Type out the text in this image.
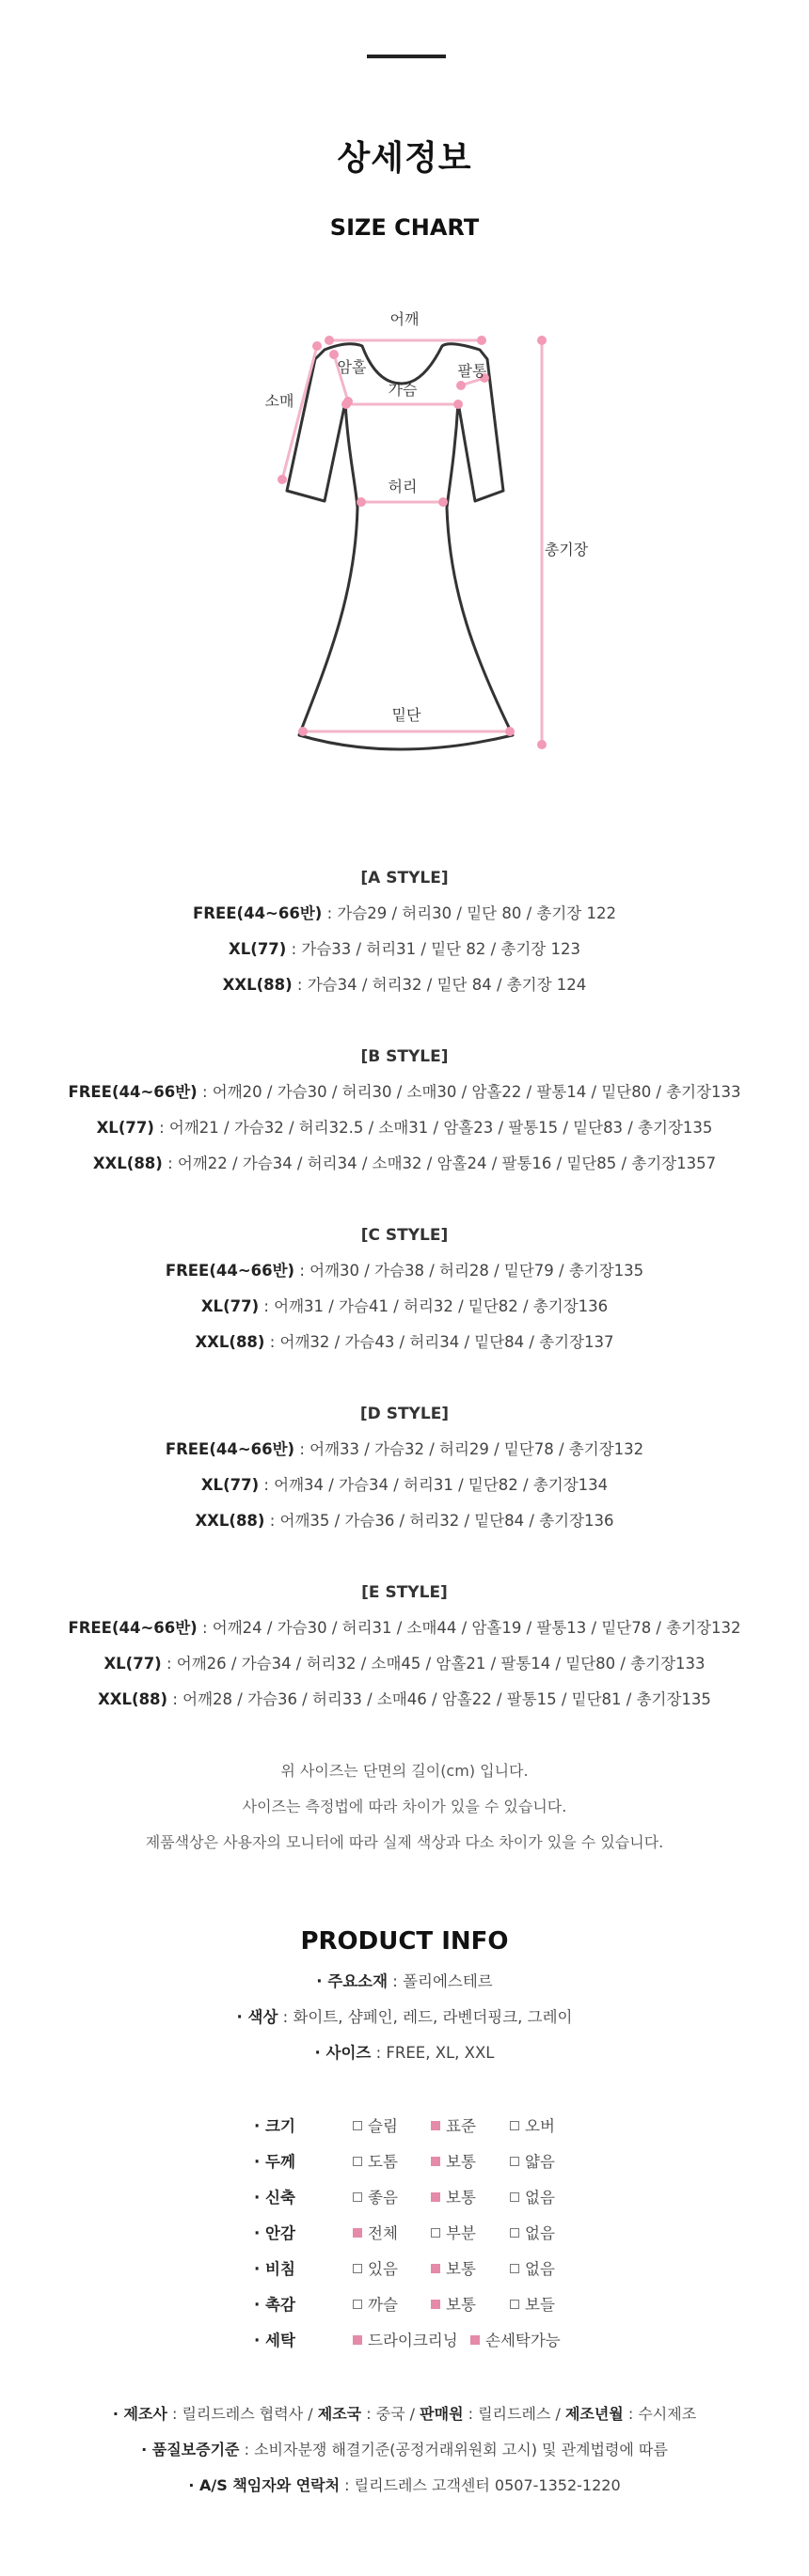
상세정보
SIZE CHART
어깨
암홀
가슴
팔통
소매
허리
밑단
총기장
[A STYLE]
FREE(44~66반) : 가슴29 / 허리30 / 밑단 80 / 총기장 122
XL(77) : 가슴33 / 허리31 / 밑단 82 / 총기장 123
XXL(88) : 가슴34 / 허리32 / 밑단 84 / 총기장 124
[B STYLE]
FREE(44~66반) : 어깨20 / 가슴30 / 허리30 / 소매30 / 암홀22 / 팔통14 / 밑단80 / 총기장133
XL(77) : 어깨21 / 가슴32 / 허리32.5 / 소매31 / 암홀23 / 팔통15 / 밑단83 / 총기장135
XXL(88) : 어깨22 / 가슴34 / 허리34 / 소매32 / 암홀24 / 팔통16 / 밑단85 / 총기장1357
[C STYLE]
FREE(44~66반) : 어깨30 / 가슴38 / 허리28 / 밑단79 / 총기장135
XL(77) : 어깨31 / 가슴41 / 허리32 / 밑단82 / 총기장136
XXL(88) : 어깨32 / 가슴43 / 허리34 / 밑단84 / 총기장137
[D STYLE]
FREE(44~66반) : 어깨33 / 가슴32 / 허리29 / 밑단78 / 총기장132
XL(77) : 어깨34 / 가슴34 / 허리31 / 밑단82 / 총기장134
XXL(88) : 어깨35 / 가슴36 / 허리32 / 밑단84 / 총기장136
[E STYLE]
FREE(44~66반) : 어깨24 / 가슴30 / 허리31 / 소매44 / 암홀19 / 팔통13 / 밑단78 / 총기장132
XL(77) : 어깨26 / 가슴34 / 허리32 / 소매45 / 암홀21 / 팔통14 / 밑단80 / 총기장133
XXL(88) : 어깨28 / 가슴36 / 허리33 / 소매46 / 암홀22 / 팔통15 / 밑단81 / 총기장135
위 사이즈는 단면의 길이(cm) 입니다.
사이즈는 측정법에 따라 차이가 있을 수 있습니다.
제품색상은 사용자의 모니터에 따라 실제 색상과 다소 차이가 있을 수 있습니다.
PRODUCT INFO
· 주요소재 : 폴리에스테르
· 색상 : 화이트, 샴페인, 레드, 라벤더핑크, 그레이
· 사이즈 : FREE, XL, XXL
· 크기	슬림	표준	오버
· 두께	도톰	보통	얇음
· 신축	좋음	보통	없음
· 안감	전체	부분	없음
· 비침	있음	보통	없음
· 촉감	까슬	보통	보들
· 세탁	드라이크리닝	손세탁가능
· 제조사 : 릴리드레스 협력사 / 제조국 : 중국 / 판매원 : 릴리드레스 / 제조년월 : 수시제조
· 품질보증기준 : 소비자분쟁 해결기준(공정거래위원회 고시) 및 관계법령에 따름
· A/S 책임자와 연락처 : 릴리드레스 고객센터 0507-1352-1220
